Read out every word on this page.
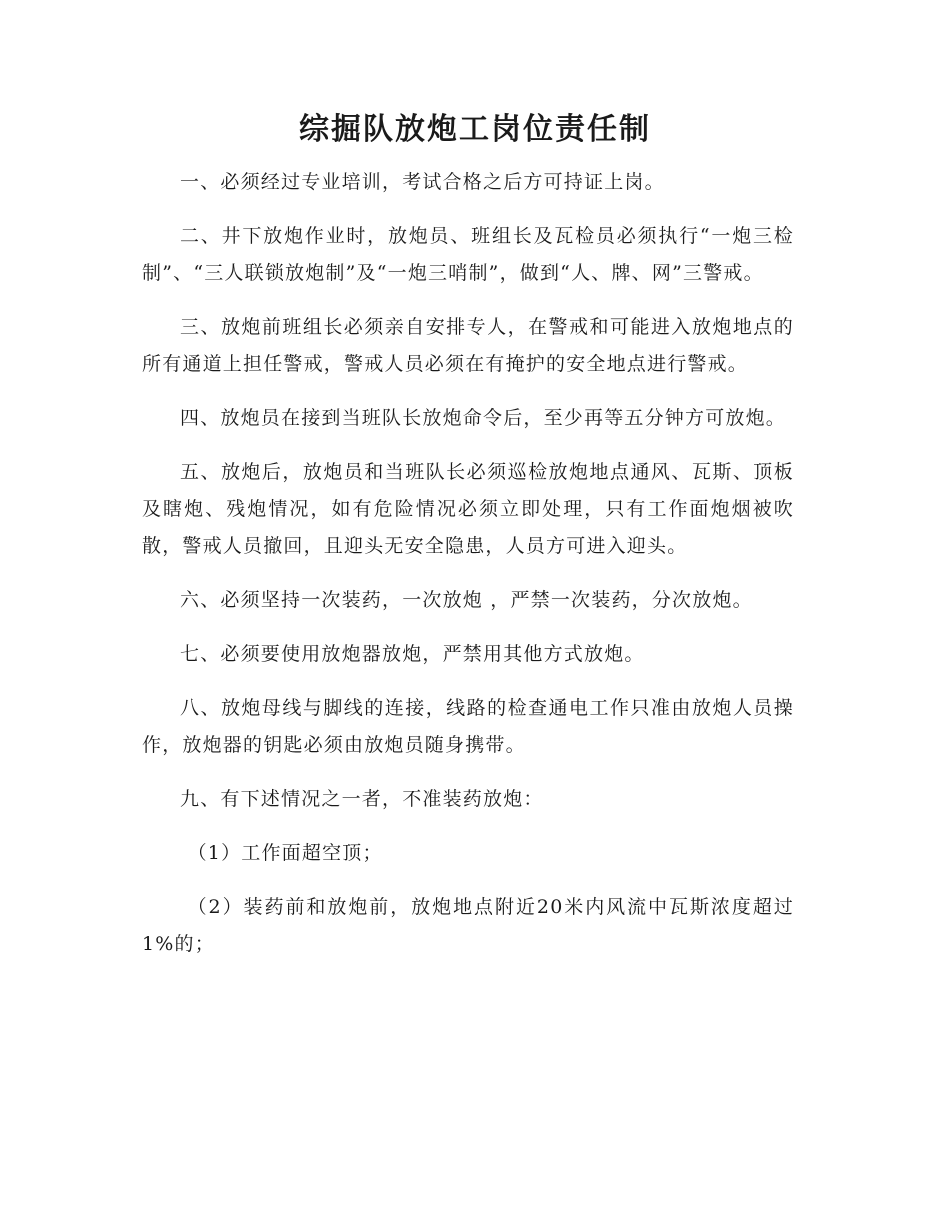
综掘队放炮工岗位责任制

一、必须经过专业培训，考试合格之后方可持证上岗。

二、井下放炮作业时，放炮员、班组长及瓦检员必须执行“一炮三检制”、“三人联锁放炮制”及“一炮三哨制”，做到“人、牌、网”三警戒。

三、放炮前班组长必须亲自安排专人，在警戒和可能进入放炮地点的所有通道上担任警戒，警戒人员必须在有掩护的安全地点进行警戒。

四、放炮员在接到当班队长放炮命令后，至少再等五分钟方可放炮。

五、放炮后，放炮员和当班队长必须巡检放炮地点通风、瓦斯、顶板及瞎炮、残炮情况，如有危险情况必须立即处理，只有工作面炮烟被吹散，警戒人员撤回，且迎头无安全隐患，人员方可进入迎头。

六、必须坚持一次装药，一次放炮 ，严禁一次装药，分次放炮。

七、必须要使用放炮器放炮，严禁用其他方式放炮。

八、放炮母线与脚线的连接，线路的检查通电工作只准由放炮人员操作，放炮器的钥匙必须由放炮员随身携带。

九、有下述情况之一者，不准装药放炮：

（1）工作面超空顶；

（2）装药前和放炮前，放炮地点附近20米内风流中瓦斯浓度超过1%的；
